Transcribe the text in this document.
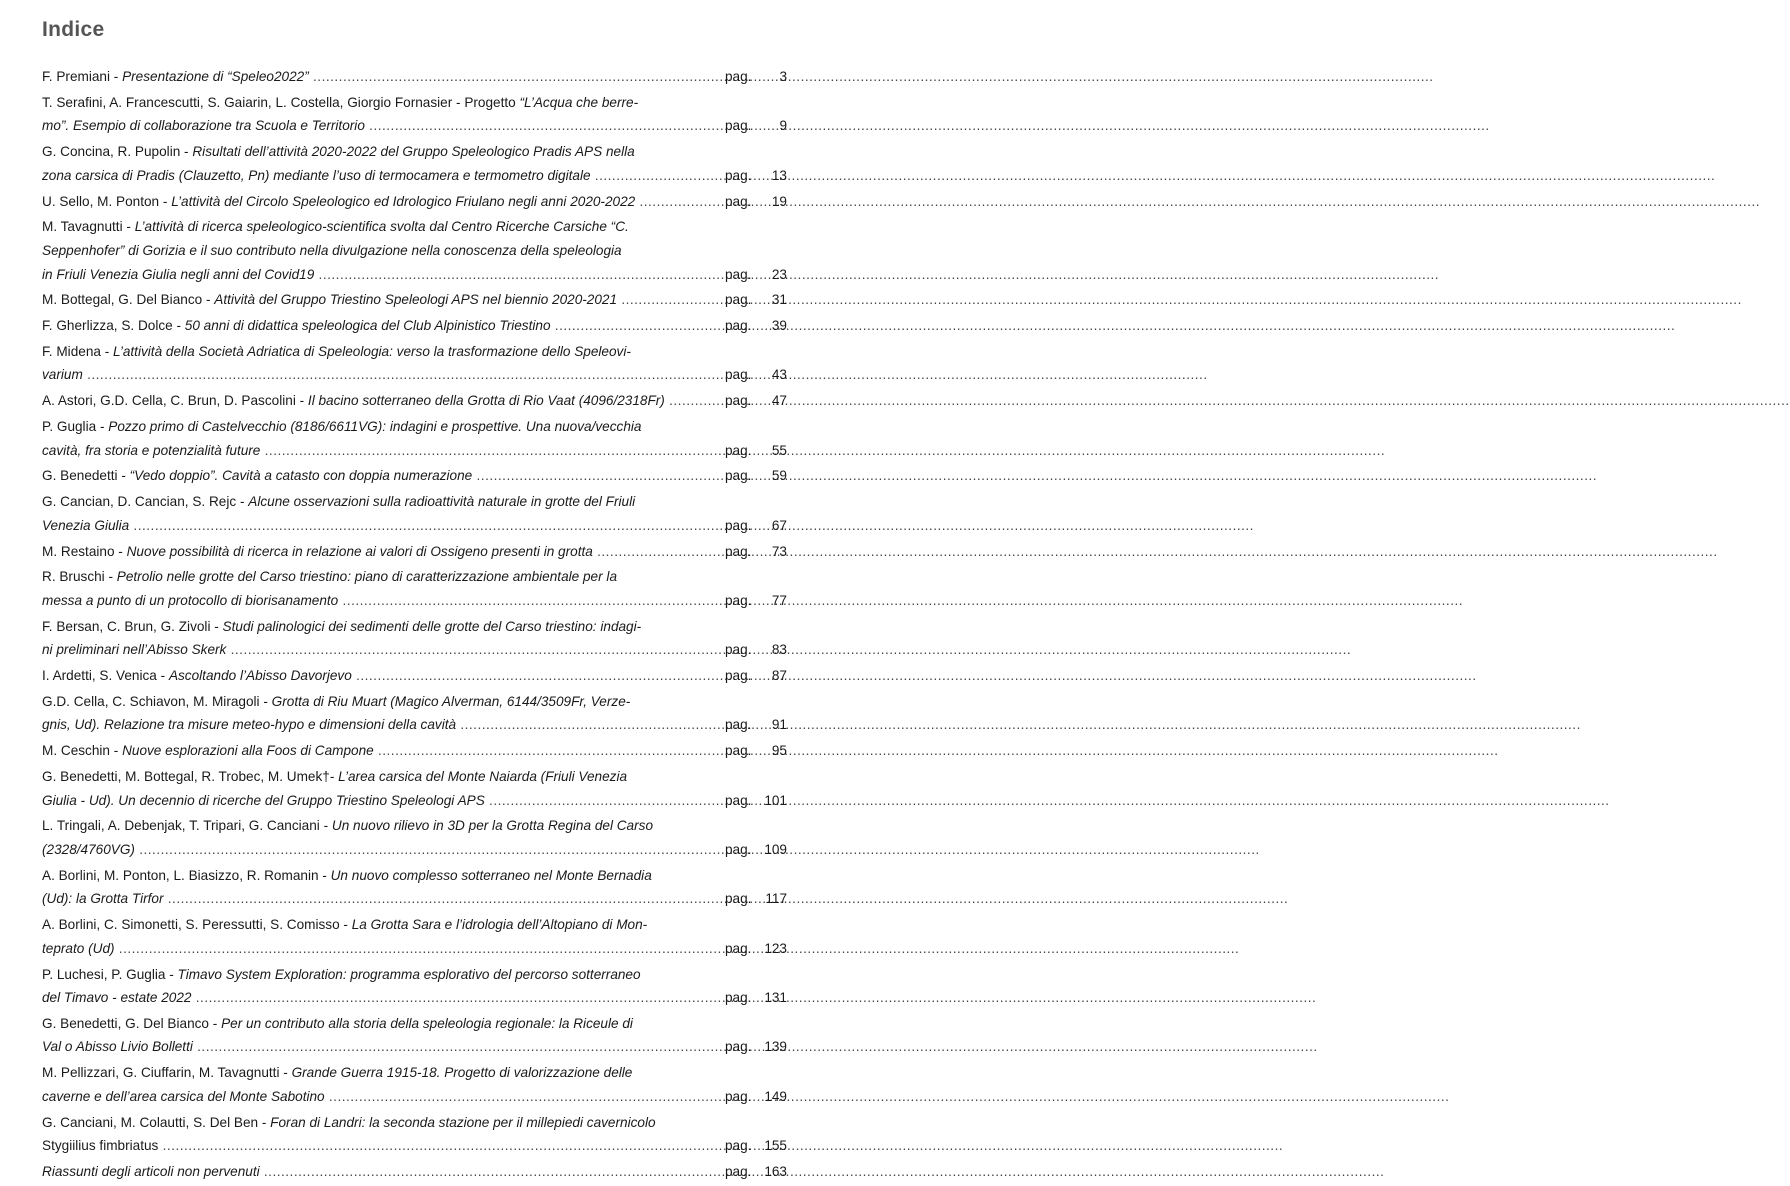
Indice
F. Premiani - Presentazione di “Speleo2022” .....	pag. 3
T. Serafini, A. Francescutti, S. Gaiarin, L. Costella, Giorgio Fornasier - Progetto “L’Acqua che berre-
mo”. Esempio di collaborazione tra Scuola e Territorio .....	pag. 9
G. Concina, R. Pupolin - Risultati dell’attività 2020-2022 del Gruppo Speleologico Pradis APS nella
zona carsica di Pradis (Clauzetto, Pn) mediante l’uso di termocamera e termometro digitale .....	pag. 13
U. Sello, M. Ponton - L’attività del Circolo Speleologico ed Idrologico Friulano negli anni 2020-2022 .....	pag. 19
M. Tavagnutti - L’attività di ricerca speleologico-scientifica svolta dal Centro Ricerche Carsiche “C.
Seppenhofer” di Gorizia e il suo contributo nella divulgazione nella conoscenza della speleologia
in Friuli Venezia Giulia negli anni del Covid19 .....	pag. 23
M. Bottegal, G. Del Bianco - Attività del Gruppo Triestino Speleologi APS nel biennio 2020-2021 .....	pag. 31
F. Gherlizza, S. Dolce - 50 anni di didattica speleologica del Club Alpinistico Triestino .....	pag. 39
F. Midena - L’attività della Società Adriatica di Speleologia: verso la trasformazione dello Speleovi-
varium .....	pag. 43
A. Astori, G.D. Cella, C. Brun, D. Pascolini - Il bacino sotterraneo della Grotta di Rio Vaat (4096/2318Fr) .....	pag. 47
P. Guglia - Pozzo primo di Castelvecchio (8186/6611VG): indagini e prospettive. Una nuova/vecchia
cavità, fra storia e potenzialità future .....	pag. 55
G. Benedetti - “Vedo doppio”. Cavità a catasto con doppia numerazione .....	pag. 59
G. Cancian, D. Cancian, S. Rejc - Alcune osservazioni sulla radioattività naturale in grotte del Friuli
Venezia Giulia .....	pag. 67
M. Restaino - Nuove possibilità di ricerca in relazione ai valori di Ossigeno presenti in grotta .....	pag. 73
R. Bruschi - Petrolio nelle grotte del Carso triestino: piano di caratterizzazione ambientale per la
messa a punto di un protocollo di biorisanamento .....	pag. 77
F. Bersan, C. Brun, G. Zivoli - Studi palinologici dei sedimenti delle grotte del Carso triestino: indagi-
ni preliminari nell’Abisso Skerk .....	pag. 83
I. Ardetti, S. Venica - Ascoltando l’Abisso Davorjevo .....	pag. 87
G.D. Cella, C. Schiavon, M. Miragoli - Grotta di Riu Muart (Magico Alverman, 6144/3509Fr, Verze-
gnis, Ud). Relazione tra misure meteo-hypo e dimensioni della cavità .....	pag. 91
M. Ceschin - Nuove esplorazioni alla Foos di Campone .....	pag. 95
G. Benedetti, M. Bottegal, R. Trobec, M. Umek†- L’area carsica del Monte Naiarda (Friuli Venezia
Giulia - Ud). Un decennio di ricerche del Gruppo Triestino Speleologi APS .....	pag. 101
L. Tringali, A. Debenjak, T. Tripari, G. Canciani - Un nuovo rilievo in 3D per la Grotta Regina del Carso
(2328/4760VG) .....	pag. 109
A. Borlini, M. Ponton, L. Biasizzo, R. Romanin - Un nuovo complesso sotterraneo nel Monte Bernadia
(Ud): la Grotta Tirfor .....	pag. 117
A. Borlini, C. Simonetti, S. Peressutti, S. Comisso - La Grotta Sara e l’idrologia dell’Altopiano di Mon-
teprato (Ud) .....	pag. 123
P. Luchesi, P. Guglia - Timavo System Exploration: programma esplorativo del percorso sotterraneo
del Timavo - estate 2022 .....	pag. 131
G. Benedetti, G. Del Bianco - Per un contributo alla storia della speleologia regionale: la Riceule di
Val o Abisso Livio Bolletti .....	pag. 139
M. Pellizzari, G. Ciuffarin, M. Tavagnutti - Grande Guerra 1915-18. Progetto di valorizzazione delle
caverne e dell’area carsica del Monte Sabotino .....	pag. 149
G. Canciani, M. Colautti, S. Del Ben - Foran di Landri: la seconda stazione per il millepiedi cavernicolo
Stygiilius fimbriatus .....	pag. 155
Riassunti degli articoli non pervenuti .....	pag. 163
